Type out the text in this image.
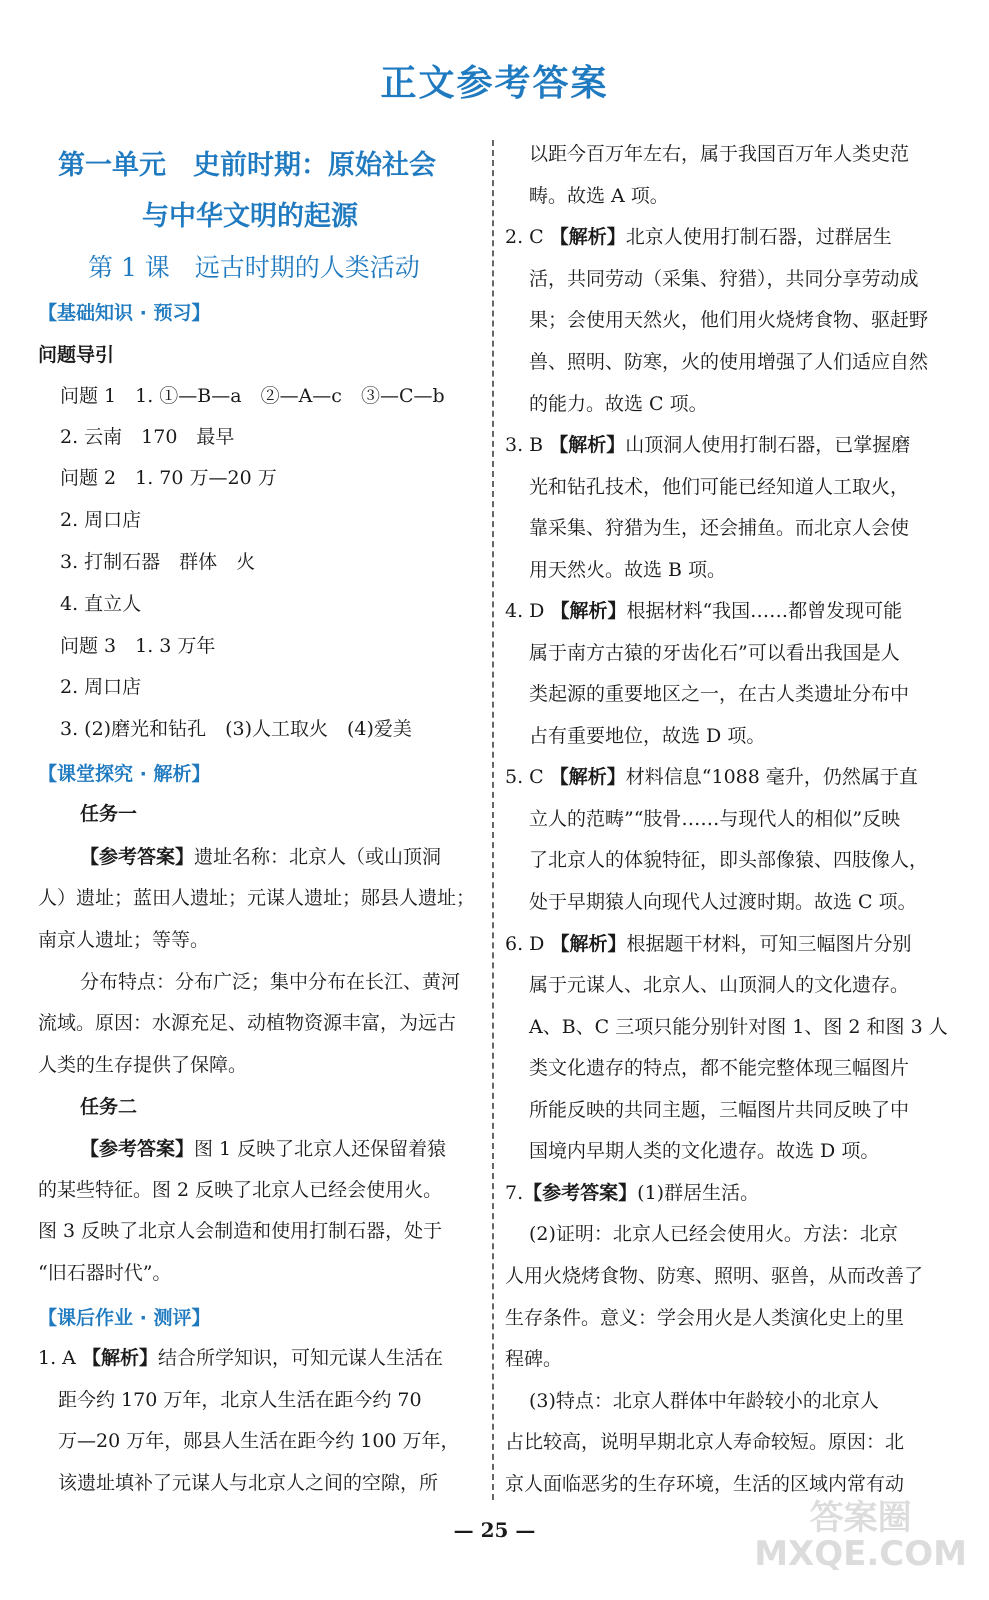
正文参考答案
第一单元　史前时期：原始社会
与中华文明的起源
第 1 课　远古时期的人类活动
【基础知识 · 预习】
问题导引
问题 1　1. ①—B—a　②—A—c　③—C—b
2. 云南　170　最早
问题 2　1. 70 万—20 万
2. 周口店
3. 打制石器　群体　火
4. 直立人
问题 3　1. 3 万年
2. 周口店
3. (2)磨光和钻孔　(3)人工取火　(4)爱美
【课堂探究 · 解析】
任务一
【参考答案】遗址名称：北京人（或山顶洞
人）遗址；蓝田人遗址；元谋人遗址；郧县人遗址；
南京人遗址；等等。
分布特点：分布广泛；集中分布在长江、黄河
流域。原因：水源充足、动植物资源丰富，为远古
人类的生存提供了保障。
任务二
【参考答案】图 1 反映了北京人还保留着猿
的某些特征。图 2 反映了北京人已经会使用火。
图 3 反映了北京人会制造和使用打制石器，处于
“旧石器时代”。
【课后作业 · 测评】
1. A 【解析】结合所学知识，可知元谋人生活在
距今约 170 万年，北京人生活在距今约 70
万—20 万年，郧县人生活在距今约 100 万年，
该遗址填补了元谋人与北京人之间的空隙，所
以距今百万年左右，属于我国百万年人类史范
畴。故选 A 项。
2. C 【解析】北京人使用打制石器，过群居生
活，共同劳动（采集、狩猎），共同分享劳动成
果；会使用天然火，他们用火烧烤食物、驱赶野
兽、照明、防寒，火的使用增强了人们适应自然
的能力。故选 C 项。
3. B 【解析】山顶洞人使用打制石器，已掌握磨
光和钻孔技术，他们可能已经知道人工取火，
靠采集、狩猎为生，还会捕鱼。而北京人会使
用天然火。故选 B 项。
4. D 【解析】根据材料“我国……都曾发现可能
属于南方古猿的牙齿化石”可以看出我国是人
类起源的重要地区之一，在古人类遗址分布中
占有重要地位，故选 D 项。
5. C 【解析】材料信息“1088 毫升，仍然属于直
立人的范畴”“肢骨……与现代人的相似”反映
了北京人的体貌特征，即头部像猿、四肢像人，
处于早期猿人向现代人过渡时期。故选 C 项。
6. D 【解析】根据题干材料，可知三幅图片分别
属于元谋人、北京人、山顶洞人的文化遗存。
A、B、C 三项只能分别针对图 1、图 2 和图 3 人
类文化遗存的特点，都不能完整体现三幅图片
所能反映的共同主题，三幅图片共同反映了中
国境内早期人类的文化遗存。故选 D 项。
7.【参考答案】(1)群居生活。
(2)证明：北京人已经会使用火。方法：北京
人用火烧烤食物、防寒、照明、驱兽，从而改善了
生存条件。意义：学会用火是人类演化史上的里
程碑。
(3)特点：北京人群体中年龄较小的北京人
占比较高，说明早期北京人寿命较短。原因：北
京人面临恶劣的生存环境，生活的区域内常有动
— 25 —	答案圈
MXQE.COM
